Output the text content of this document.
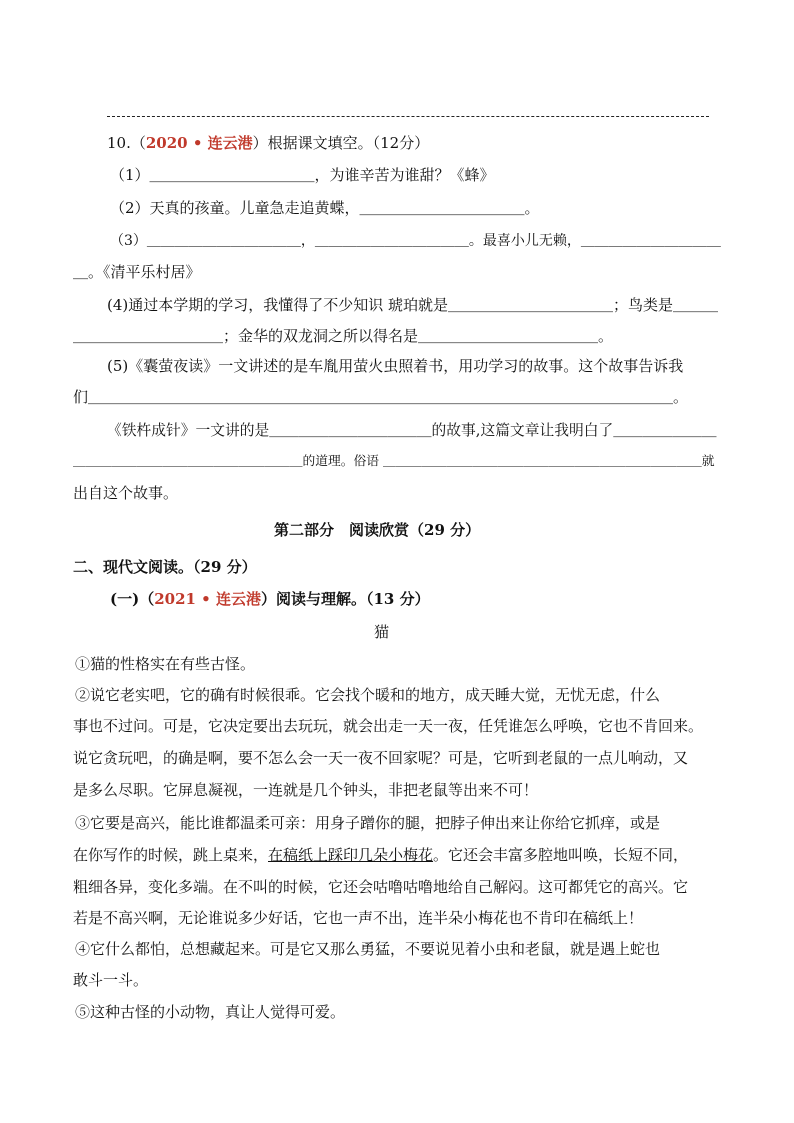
10.（2020 • 连云港）根据课文填空。（12分）
（1）＿＿＿＿＿＿＿＿＿＿＿，为谁辛苦为谁甜？《蜂》
（2）天真的孩童。儿童急走追黄蝶，＿＿＿＿＿＿＿＿＿＿＿。
（3）＿＿＿＿＿＿＿＿＿＿＿，＿＿＿＿＿＿＿＿＿＿＿。最喜小儿无赖，＿＿＿＿＿＿＿＿＿＿
＿。《清平乐村居》
(4)通过本学期的学习，我懂得了不少知识 琥珀就是＿＿＿＿＿＿＿＿＿＿＿；鸟类是＿＿＿
＿＿＿＿＿＿＿＿＿＿；金华的双龙洞之所以得名是＿＿＿＿＿＿＿＿＿＿＿＿。
(5)《囊萤夜读》一文讲述的是车胤用萤火虫照着书，用功学习的故事。这个故事告诉我
们＿＿＿＿＿＿＿＿＿＿＿＿＿＿＿＿＿＿＿＿＿＿＿＿＿＿＿＿＿＿＿＿＿＿＿＿＿＿＿。
《铁杵成针》一文讲的是＿＿＿＿＿＿＿＿＿＿＿的故事,这篇文章让我明白了＿＿＿＿＿＿＿
＿＿＿＿＿＿＿＿＿＿＿＿＿＿＿＿＿＿的道理。俗语 ＿＿＿＿＿＿＿＿＿＿＿＿＿＿＿＿＿＿＿＿＿＿＿＿＿就
出自这个故事。
第二部分　阅读欣赏（29 分）
二、现代文阅读。（29 分）
(一)（2021 • 连云港）阅读与理解。（13 分）
猫
①猫的性格实在有些古怪。
②说它老实吧，它的确有时候很乖。它会找个暖和的地方，成天睡大觉，无忧无虑，什么
事也不过问。可是，它决定要出去玩玩，就会出走一天一夜，任凭谁怎么呼唤，它也不肯回来。
说它贪玩吧，的确是啊，要不怎么会一天一夜不回家呢？可是，它听到老鼠的一点儿响动，又
是多么尽职。它屏息凝视，一连就是几个钟头，非把老鼠等出来不可！
③它要是高兴，能比谁都温柔可亲：用身子蹭你的腿，把脖子伸出来让你给它抓痒，或是
在你写作的时候，跳上桌来，在稿纸上踩印几朵小梅花。它还会丰富多腔地叫唤，长短不同，
粗细各异，变化多端。在不叫的时候，它还会咕噜咕噜地给自己解闷。这可都凭它的高兴。它
若是不高兴啊，无论谁说多少好话，它也一声不出，连半朵小梅花也不肯印在稿纸上！
④它什么都怕，总想藏起来。可是它又那么勇猛，不要说见着小虫和老鼠，就是遇上蛇也
敢斗一斗。
⑤这种古怪的小动物，真让人觉得可爱。
